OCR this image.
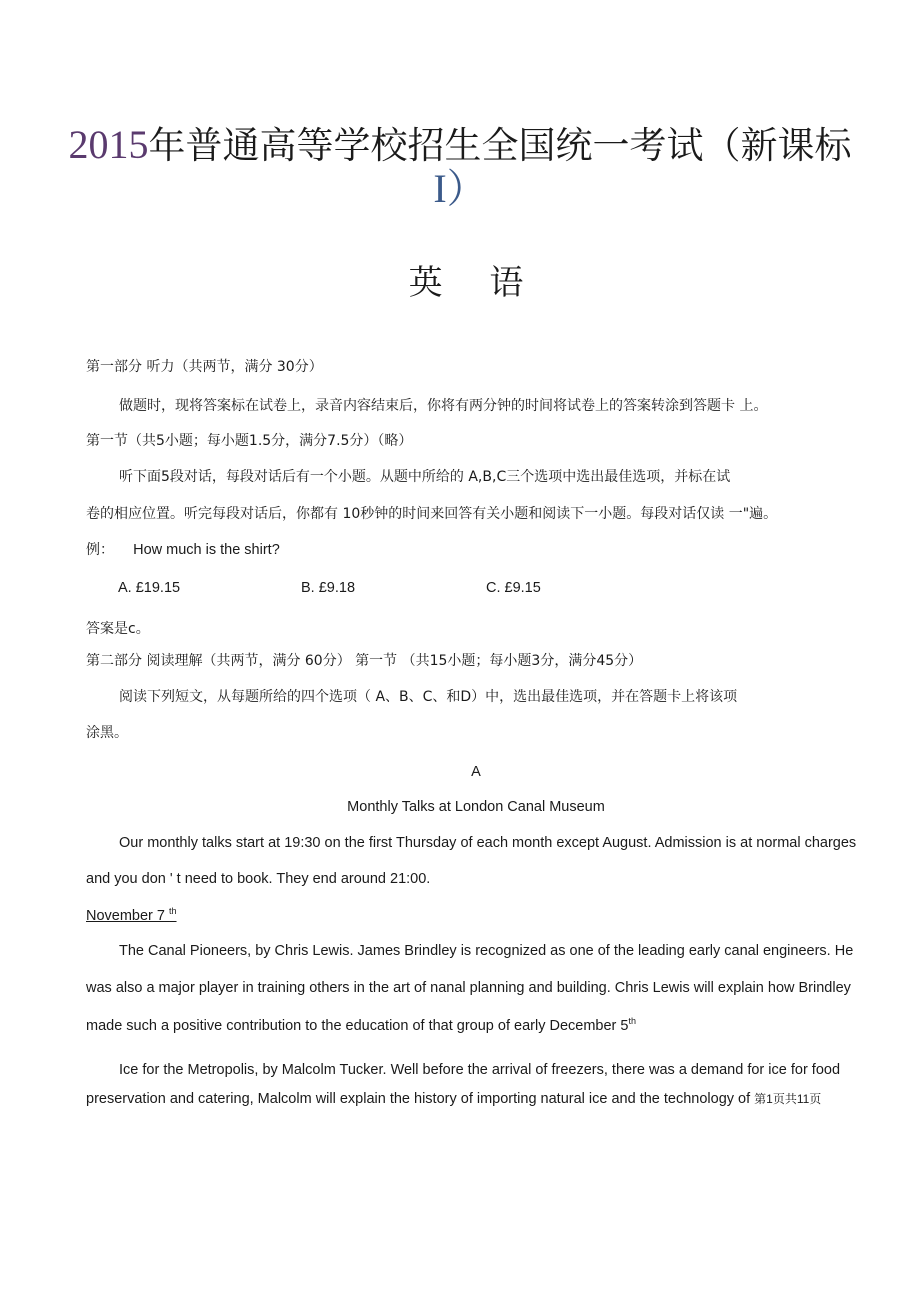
2015年普通高等学校招生全国统一考试（新课标
I）
英 语
第一部分 听力（共两节，满分 30分）
做题时，现将答案标在试卷上，录音内容结束后，你将有两分钟的时间将试卷上的答案转涂到答题卡 上。
第一节（共5小题；每小题1.5分，满分7.5分）（略）
听下面5段对话，每段对话后有一个小题。从题中所给的 A,B,C三个选项中选出最佳选项，并标在试
卷的相应位置。听完每段对话后，你都有 10秒钟的时间来回答有关小题和阅读下一小题。每段对话仅读 一"遍。
例： How much is the shirt?
A. £19.15	B. £9.18	C. £9.15
答案是c。
第二部分 阅读理解（共两节，满分 60分） 第一节 （共15小题；每小题3分，满分45分）
阅读下列短文，从每题所给的四个选项（ A、B、C、和D）中，选出最佳选项，并在答题卡上将该项
涂黑。
A
Monthly Talks at London Canal Museum
Our monthly talks start at 19:30 on the first Thursday of each month except August. Admission is at normal charges
and you don ' t need to book. They end around 21:00.
November 7 $^{th}$
The Canal Pioneers, by Chris Lewis. James Brindley is recognized as one of the leading early canal engineers. He
was also a major player in training others in the art of nanal planning and building. Chris Lewis will explain how Brindley
made such a positive contribution to the education of that group of early December 5th
Ice for the Metropolis, by Malcolm Tucker. Well before the arrival of freezers, there was a demand for ice for food
preservation and catering, Malcolm will explain the history of importing natural ice and the technology of 第1页共11页
